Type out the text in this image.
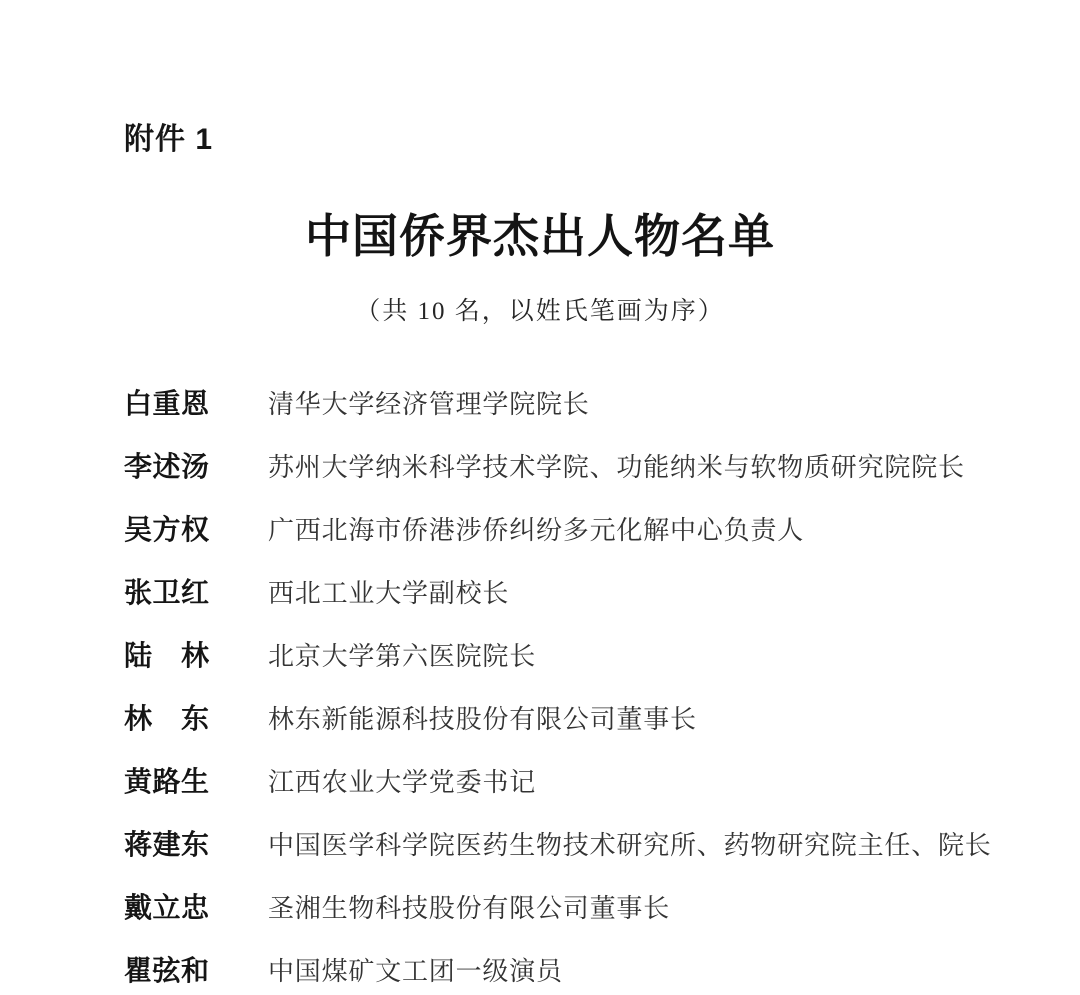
附件 1
中国侨界杰出人物名单
（共 10 名，以姓氏笔画为序）
白重恩	清华大学经济管理学院院长
李述汤	苏州大学纳米科学技术学院、功能纳米与软物质研究院院长
吴方权	广西北海市侨港涉侨纠纷多元化解中心负责人
张卫红	西北工业大学副校长
陆　林	北京大学第六医院院长
林　东	林东新能源科技股份有限公司董事长
黄路生	江西农业大学党委书记
蒋建东	中国医学科学院医药生物技术研究所、药物研究院主任、院长
戴立忠	圣湘生物科技股份有限公司董事长
瞿弦和	中国煤矿文工团一级演员
